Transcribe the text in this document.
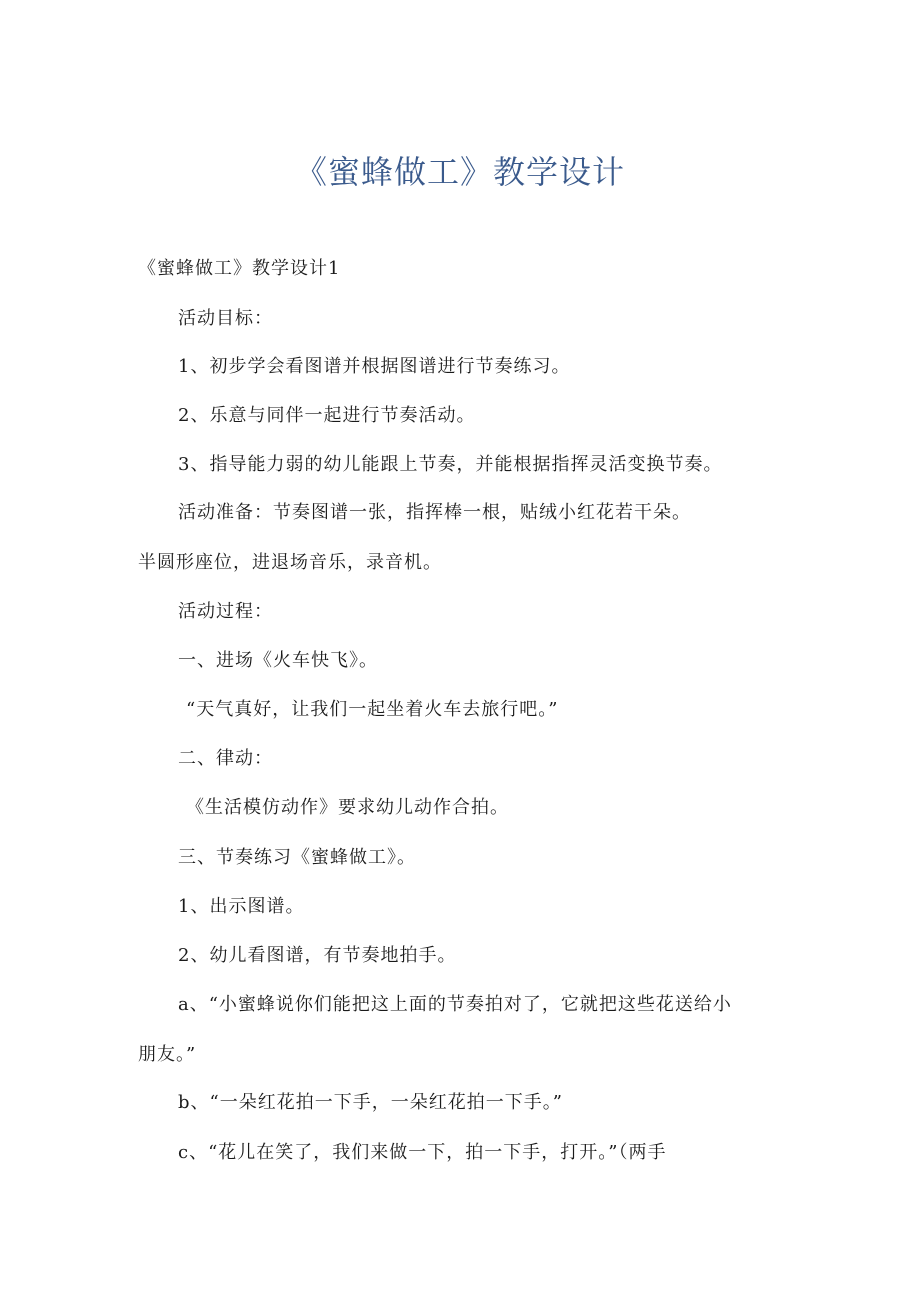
《蜜蜂做工》教学设计
《蜜蜂做工》教学设计1
活动目标：
1、初步学会看图谱并根据图谱进行节奏练习。
2、乐意与同伴一起进行节奏活动。
3、指导能力弱的幼儿能跟上节奏，并能根据指挥灵活变换节奏。
活动准备：节奏图谱一张，指挥棒一根，贴绒小红花若干朵。
半圆形座位，进退场音乐，录音机。
活动过程：
一、进场《火车快飞》。
“天气真好，让我们一起坐着火车去旅行吧。”
二、律动：
《生活模仿动作》要求幼儿动作合拍。
三、节奏练习《蜜蜂做工》。
1、出示图谱。
2、幼儿看图谱，有节奏地拍手。
a、“小蜜蜂说你们能把这上面的节奏拍对了，它就把这些花送给小
朋友。”
b、“一朵红花拍一下手，一朵红花拍一下手。”
c、“花儿在笑了，我们来做一下，拍一下手，打开。”（两手
